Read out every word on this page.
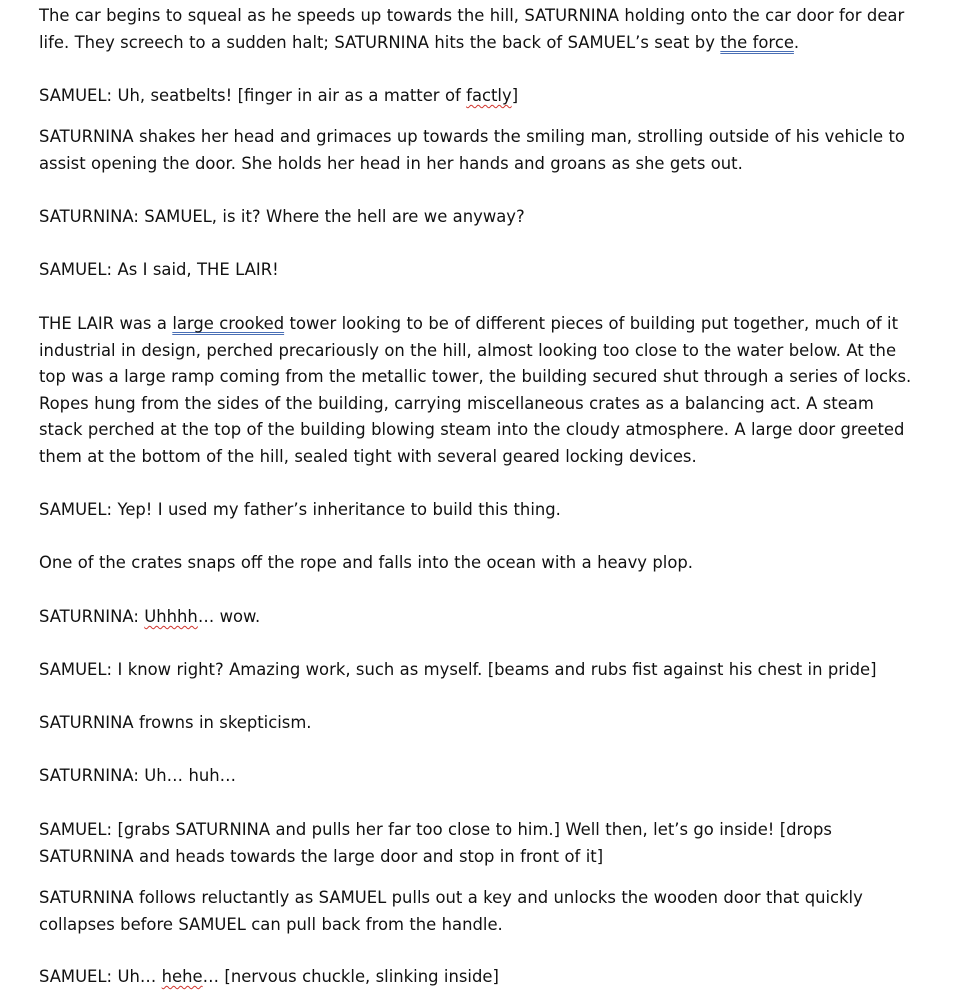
The car begins to squeal as he speeds up towards the hill, SATURNINA holding onto the car door for dear life. They screech to a sudden halt; SATURNINA hits the back of SAMUEL’s seat by the force.

SAMUEL: Uh, seatbelts! [finger in air as a matter of factly]

SATURNINA shakes her head and grimaces up towards the smiling man, strolling outside of his vehicle to assist opening the door. She holds her head in her hands and groans as she gets out.

SATURNINA: SAMUEL, is it? Where the hell are we anyway?

SAMUEL: As I said, THE LAIR!

THE LAIR was a large crooked tower looking to be of different pieces of building put together, much of it industrial in design, perched precariously on the hill, almost looking too close to the water below. At the top was a large ramp coming from the metallic tower, the building secured shut through a series of locks. Ropes hung from the sides of the building, carrying miscellaneous crates as a balancing act. A steam stack perched at the top of the building blowing steam into the cloudy atmosphere. A large door greeted them at the bottom of the hill, sealed tight with several geared locking devices.

SAMUEL: Yep! I used my father’s inheritance to build this thing.

One of the crates snaps off the rope and falls into the ocean with a heavy plop.

SATURNINA: Uhhhh… wow.

SAMUEL: I know right? Amazing work, such as myself. [beams and rubs fist against his chest in pride]

SATURNINA frowns in skepticism.

SATURNINA: Uh… huh…

SAMUEL: [grabs SATURNINA and pulls her far too close to him.] Well then, let’s go inside! [drops SATURNINA and heads towards the large door and stop in front of it]

SATURNINA follows reluctantly as SAMUEL pulls out a key and unlocks the wooden door that quickly collapses before SAMUEL can pull back from the handle.

SAMUEL: Uh… hehe… [nervous chuckle, slinking inside]
